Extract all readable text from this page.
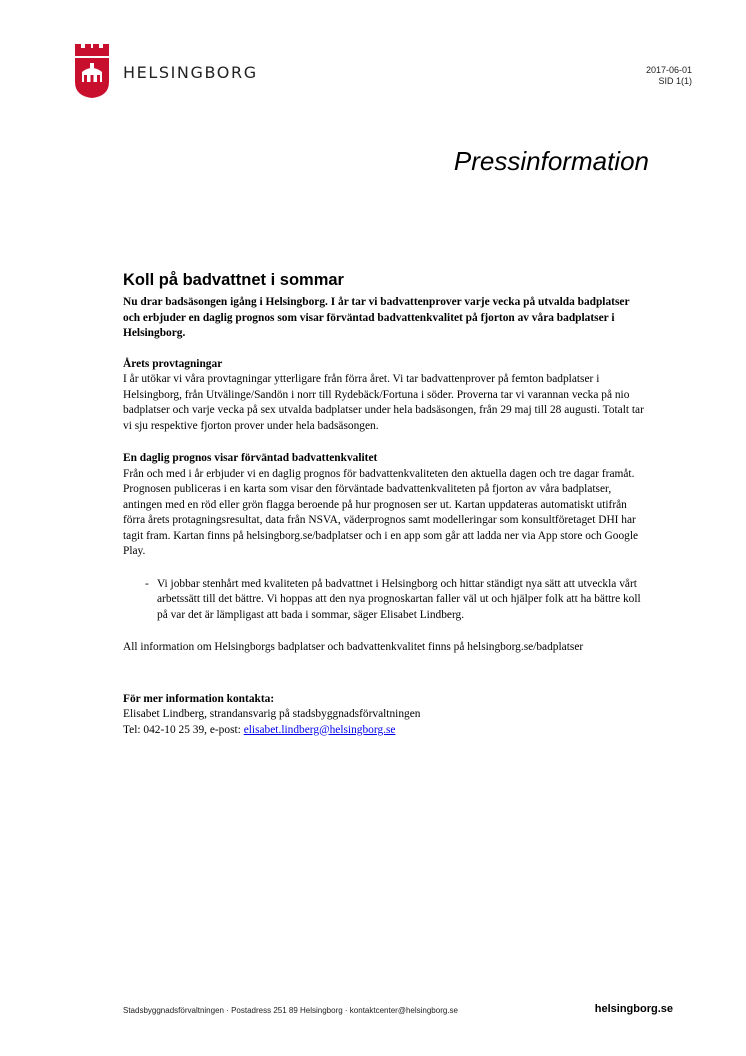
HELSINGBORG	2017-06-01
SID 1(1)
Pressinformation
Koll på badvattnet i sommar

Nu drar badsäsongen igång i Helsingborg. I år tar vi badvattenprover varje vecka på utvalda badplatser och erbjuder en daglig prognos som visar förväntad badvattenkvalitet på fjorton av våra badplatser i Helsingborg.

Årets provtagningar

I år utökar vi våra provtagningar ytterligare från förra året. Vi tar badvattenprover på femton badplatser i Helsingborg, från Utvälinge/Sandön i norr till Rydebäck/Fortuna i söder. Proverna tar vi varannan vecka på nio badplatser och varje vecka på sex utvalda badplatser under hela badsäsongen, från 29 maj till 28 augusti. Totalt tar vi sju respektive fjorton prover under hela badsäsongen.

En daglig prognos visar förväntad badvattenkvalitet

Från och med i år erbjuder vi en daglig prognos för badvattenkvaliteten den aktuella dagen och tre dagar framåt. Prognosen publiceras i en karta som visar den förväntade badvattenkvaliteten på fjorton av våra badplatser, antingen med en röd eller grön flagga beroende på hur prognosen ser ut. Kartan uppdateras automatiskt utifrån förra årets protagningsresultat, data från NSVA, väderprognos samt modelleringar som konsultföretaget DHI har tagit fram. Kartan finns på helsingborg.se/badplatser och i en app som går att ladda ner via App store och Google Play.

- Vi jobbar stenhårt med kvaliteten på badvattnet i Helsingborg och hittar ständigt nya sätt att utveckla vårt arbetssätt till det bättre. Vi hoppas att den nya prognoskartan faller väl ut och hjälper folk att ha bättre koll på var det är lämpligast att bada i sommar, säger Elisabet Lindberg.

All information om Helsingborgs badplatser och badvattenkvalitet finns på helsingborg.se/badplatser

För mer information kontakta:

Elisabet Lindberg, strandansvarig på stadsbyggnadsförvaltningen

Tel: 042-10 25 39, e-post: elisabet.lindberg@helsingborg.se

Stadsbyggnadsförvaltningen · Postadress 251 89 Helsingborg · kontaktcenter@helsingborg.se	helsingborg.se
